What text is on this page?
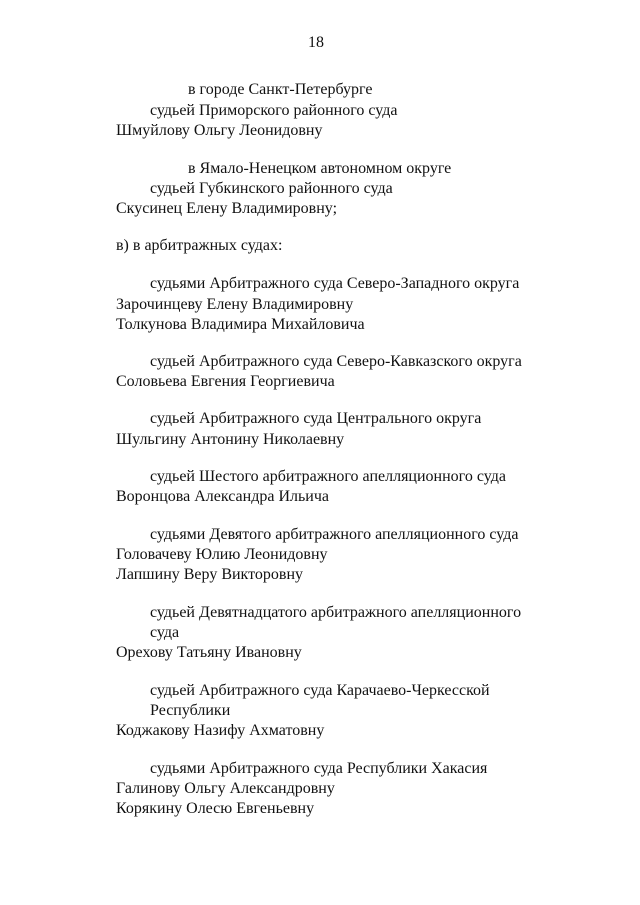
18
в городе Санкт-Петербурге
судьей Приморского районного суда
Шмуйлову Ольгу Леонидовну
в Ямало-Ненецком автономном округе
судьей Губкинского районного суда
Скусинец Елену Владимировну;
в) в арбитражных судах:
судьями Арбитражного суда Северо-Западного округа
Зарочинцеву Елену Владимировну
Толкунова Владимира Михайловича
судьей Арбитражного суда Северо-Кавказского округа
Соловьева Евгения Георгиевича
судьей Арбитражного суда Центрального округа
Шульгину Антонину Николаевну
судьей Шестого арбитражного апелляционного суда
Воронцова Александра Ильича
судьями Девятого арбитражного апелляционного суда
Головачеву Юлию Леонидовну
Лапшину Веру Викторовну
судьей Девятнадцатого арбитражного апелляционного
суда
Орехову Татьяну Ивановну
судьей Арбитражного суда Карачаево-Черкесской
Республики
Коджакову Назифу Ахматовну
судьями Арбитражного суда Республики Хакасия
Галинову Ольгу Александровну
Корякину Олесю Евгеньевну
